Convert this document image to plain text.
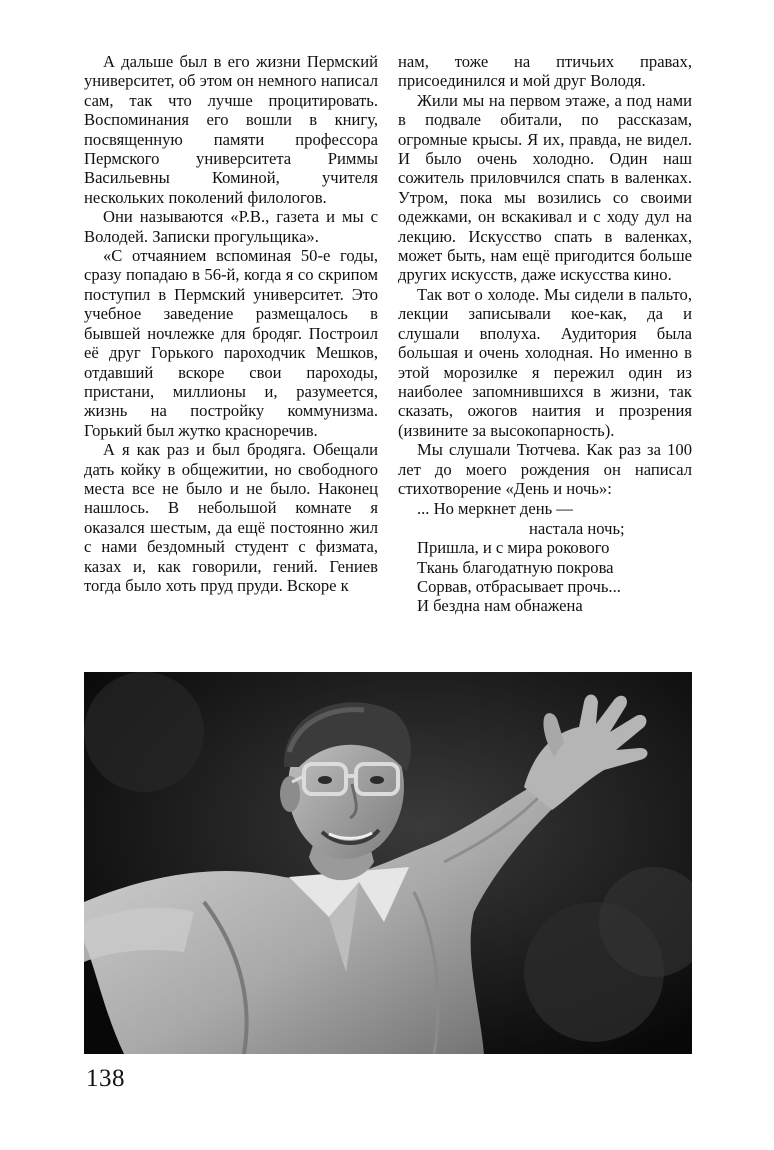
А дальше был в его жизни Пермский университет, об этом он немного написал сам, так что лучше процитировать. Воспоминания его вошли в книгу, посвященную памяти профессора Пермского университета Риммы Васильевны Коминой, учителя нескольких поколений филологов.

Они называются «Р.В., газета и мы с Володей. Записки прогульщика».

«С отчаянием вспоминая 50-е годы, сразу попадаю в 56-й, когда я со скрипом поступил в Пермский университет. Это учебное заведение размещалось в бывшей ночлежке для бродяг. Построил её друг Горького пароходчик Мешков, отдавший вскоре свои пароходы, пристани, миллионы и, разумеется, жизнь на постройку коммунизма. Горький был жутко красноречив.

А я как раз и был бродяга. Обещали дать койку в общежитии, но свободного места все не было и не было. Наконец нашлось. В небольшой комнате я оказался шестым, да ещё постоянно жил с нами бездомный студент с физмата, казах и, как говорили, гений. Гениев тогда было хоть пруд пруди. Вскоре к

нам, тоже на птичьих правах, присоединился и мой друг Володя.

Жили мы на первом этаже, а под нами в подвале обитали, по рассказам, огромные крысы. Я их, правда, не видел. И было очень холодно. Один наш сожитель приловчился спать в валенках. Утром, пока мы возились со своими одежками, он вскакивал и с ходу дул на лекцию. Искусство спать в валенках, может быть, нам ещё пригодится больше других искусств, даже искусства кино.

Так вот о холоде. Мы сидели в пальто, лекции записывали кое-как, да и слушали вполуха. Аудитория была большая и очень холодная. Но именно в этой морозилке я пережил один из наиболее запомнившихся в жизни, так сказать, ожогов наития и прозрения (извините за высокопарность).

Мы слушали Тютчева. Как раз за 100 лет до моего рождения он написал стихотворение «День и ночь»:

... Но меркнет день —
настала ночь;
Пришла, и с мира рокового
Ткань благодатную покрова
Сорвав, отбрасывает прочь...
И бездна нам обнажена
138
